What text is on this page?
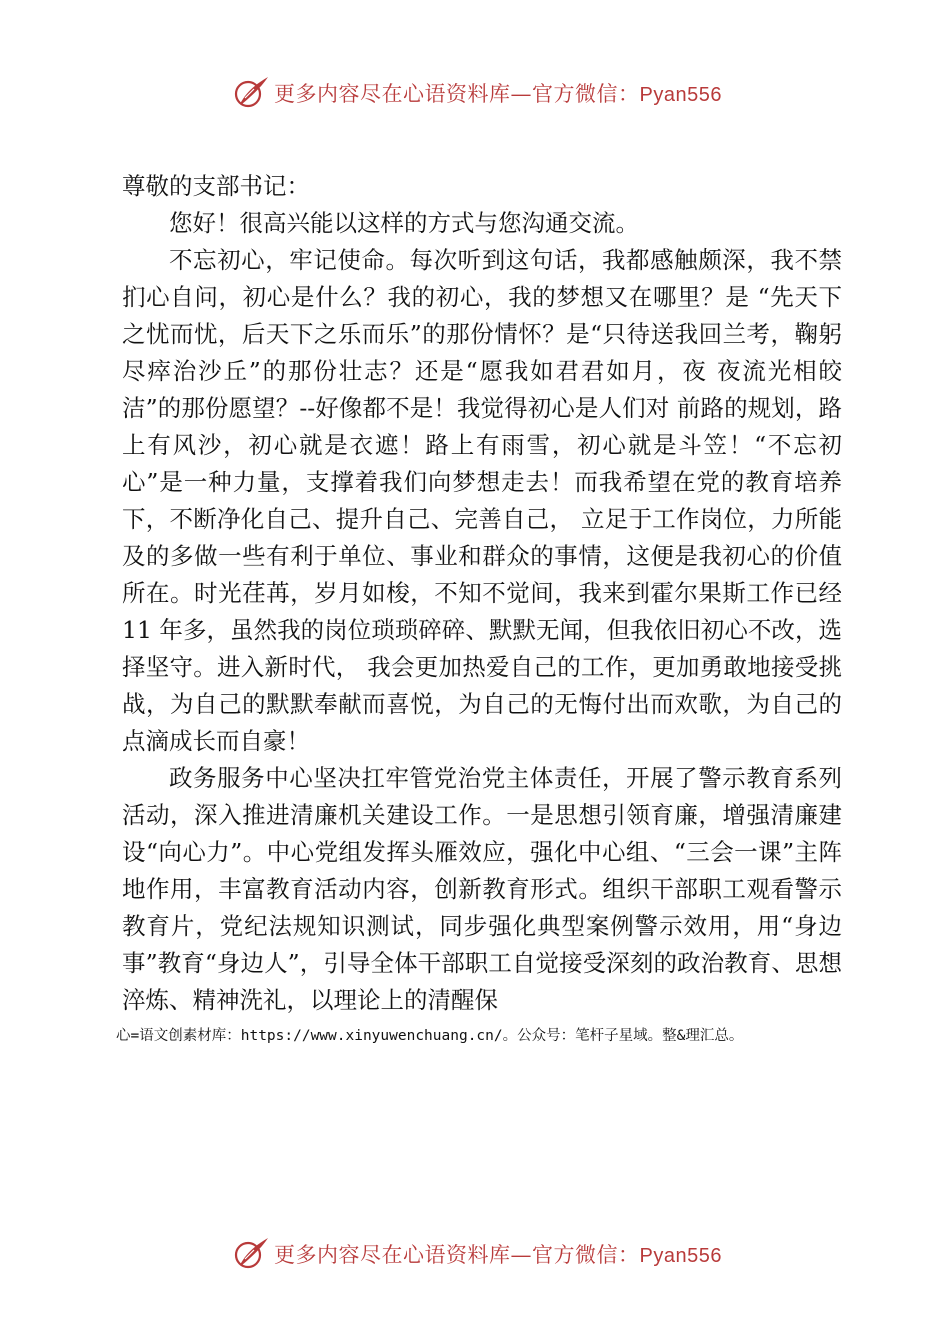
更多内容尽在心语资料库—官方微信：Pyan556

尊敬的支部书记：

您好！很高兴能以这样的方式与您沟通交流。

不忘初心，牢记使命。每次听到这句话，我都感触颇深，我不禁扪心自问，初心是什么？我的初心，我的梦想又在哪里？是 “先天下之忧而忧，后天下之乐而乐”的那份情怀？是“只待送我回兰考，鞠躬尽瘁治沙丘”的那份壮志？还是“愿我如君君如月，夜 夜流光相皎洁”的那份愿望？--好像都不是！我觉得初心是人们对 前路的规划，路上有风沙，初心就是衣遮！路上有雨雪，初心就是斗笠！“不忘初心”是一种力量，支撑着我们向梦想走去！而我希望在党的教育培养下，不断净化自己、提升自己、完善自己， 立足于工作岗位，力所能及的多做一些有利于单位、事业和群众的事情，这便是我初心的价值所在。时光荏苒，岁月如梭，不知不觉间，我来到霍尔果斯工作已经 11 年多，虽然我的岗位琐琐碎碎、默默无闻，但我依旧初心不改，选择坚守。进入新时代， 我会更加热爱自己的工作，更加勇敢地接受挑战，为自己的默默奉献而喜悦，为自己的无悔付出而欢歌，为自己的点滴成长而自豪！

政务服务中心坚决扛牢管党治党主体责任，开展了警示教育系列活动，深入推进清廉机关建设工作。一是思想引领育廉，增强清廉建设“向心力”。中心党组发挥头雁效应，强化中心组、“三会一课”主阵地作用，丰富教育活动内容，创新教育形式。组织干部职工观看警示教育片，党纪法规知识测试，同步强化典型案例警示效用，用“身边事”教育“身边人”，引导全体干部职工自觉接受深刻的政治教育、思想淬炼、精神洗礼，以理论上的清醒保

心=语文创素材库：https://www.xinyuwenchuang.cn/。公众号：笔杆子星域。整&理汇总。
更多内容尽在心语资料库—官方微信：Pyan556
